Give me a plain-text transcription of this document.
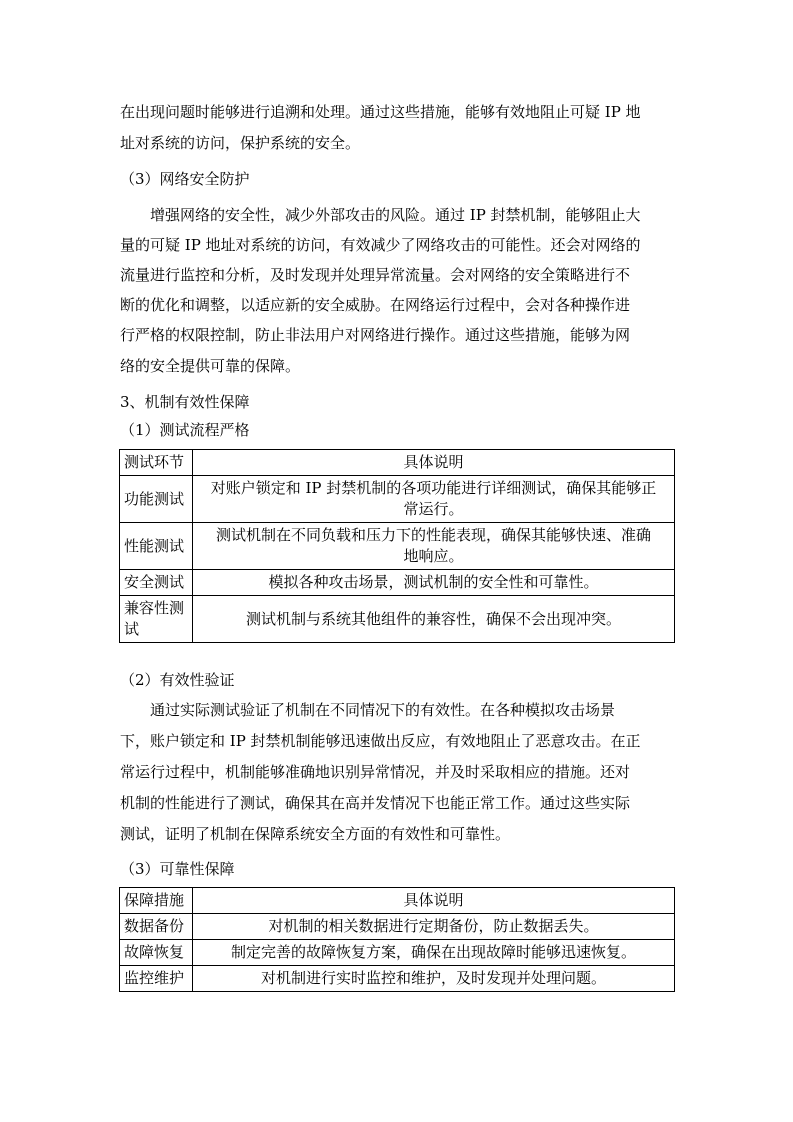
在出现问题时能够进行追溯和处理。通过这些措施，能够有效地阻止可疑 IP 地
址对系统的访问，保护系统的安全。
（3）网络安全防护
增强网络的安全性，减少外部攻击的风险。通过 IP 封禁机制，能够阻止大
量的可疑 IP 地址对系统的访问，有效减少了网络攻击的可能性。还会对网络的
流量进行监控和分析，及时发现并处理异常流量。会对网络的安全策略进行不
断的优化和调整，以适应新的安全威胁。在网络运行过程中，会对各种操作进
行严格的权限控制，防止非法用户对网络进行操作。通过这些措施，能够为网
络的安全提供可靠的保障。
3、机制有效性保障
（1）测试流程严格
测试环节	具体说明
功能测试	对账户锁定和 IP 封禁机制的各项功能进行详细测试，确保其能够正
常运行。
性能测试	测试机制在不同负载和压力下的性能表现，确保其能够快速、准确
地响应。
安全测试	模拟各种攻击场景，测试机制的安全性和可靠性。
兼容性测
试	测试机制与系统其他组件的兼容性，确保不会出现冲突。
（2）有效性验证
通过实际测试验证了机制在不同情况下的有效性。在各种模拟攻击场景
下，账户锁定和 IP 封禁机制能够迅速做出反应，有效地阻止了恶意攻击。在正
常运行过程中，机制能够准确地识别异常情况，并及时采取相应的措施。还对
机制的性能进行了测试，确保其在高并发情况下也能正常工作。通过这些实际
测试，证明了机制在保障系统安全方面的有效性和可靠性。
（3）可靠性保障
保障措施	具体说明
数据备份	对机制的相关数据进行定期备份，防止数据丢失。
故障恢复	制定完善的故障恢复方案，确保在出现故障时能够迅速恢复。
监控维护	对机制进行实时监控和维护，及时发现并处理问题。
